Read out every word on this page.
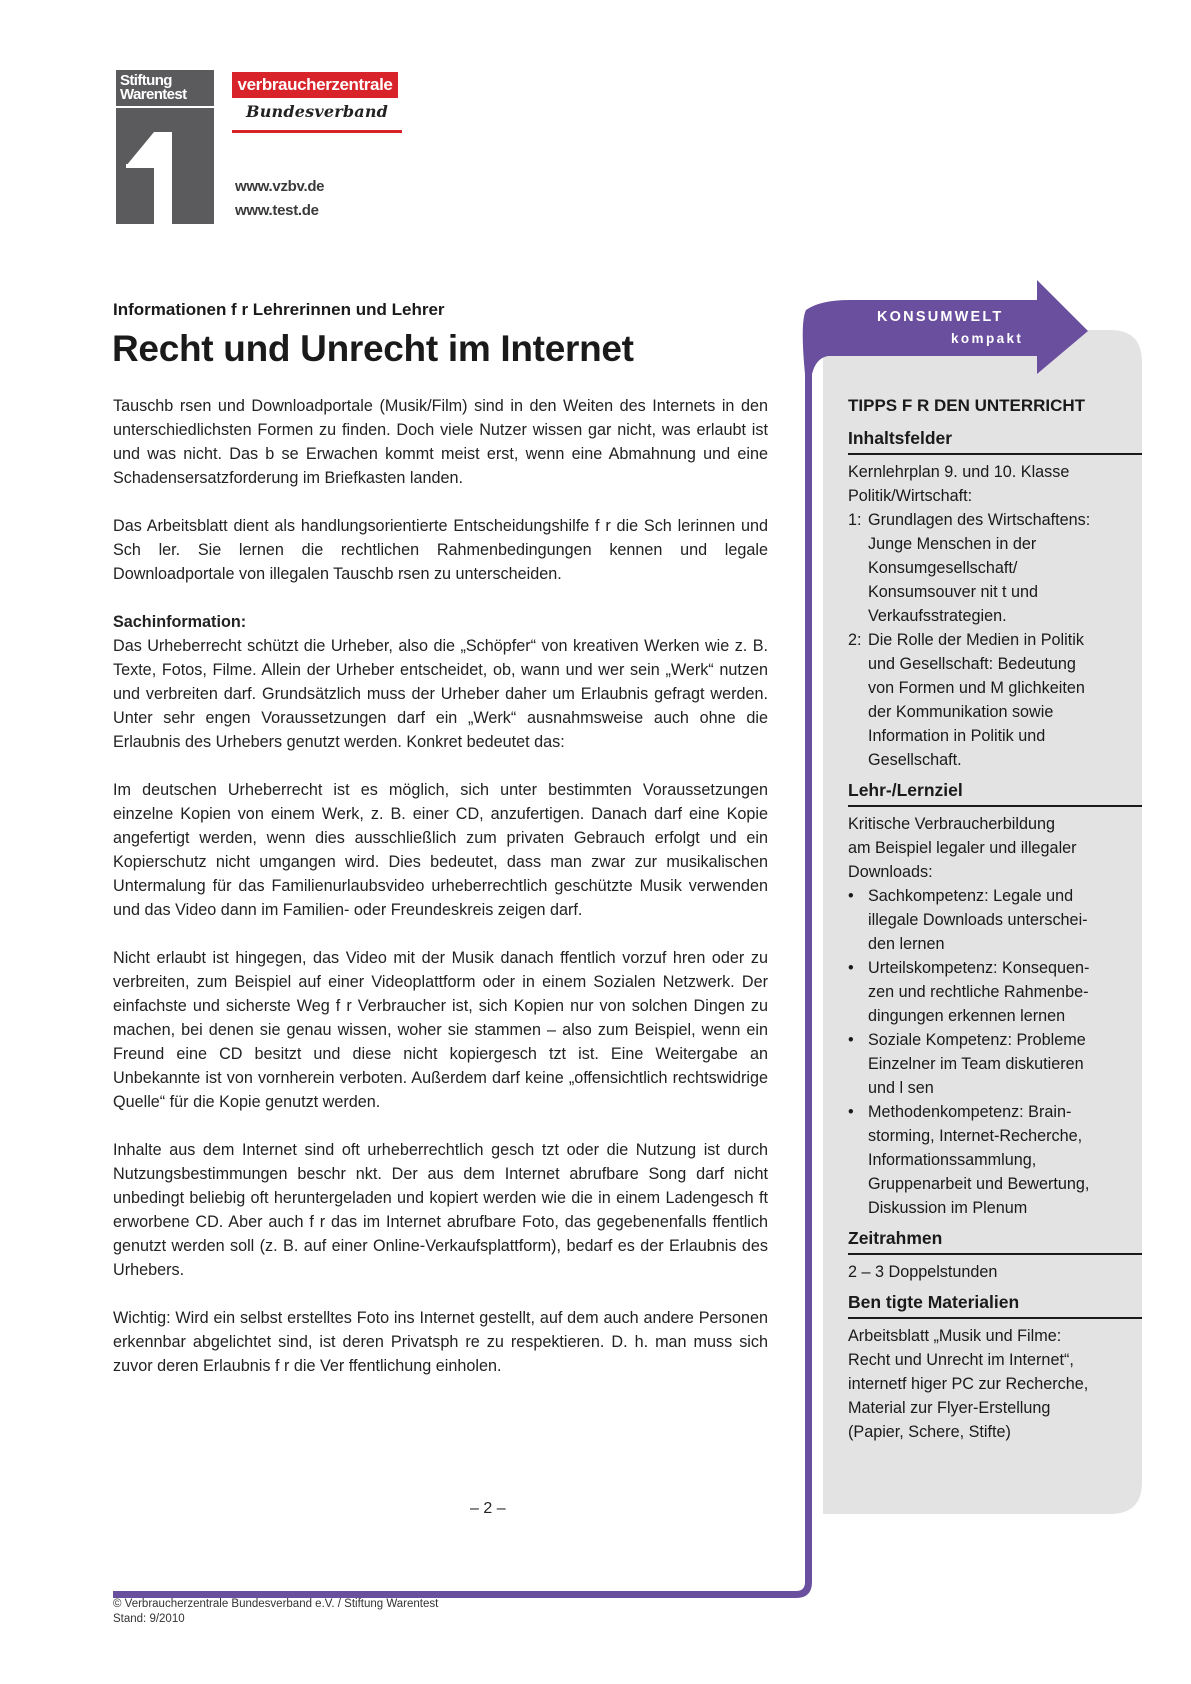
Stiftung
Warentest
verbraucherzentrale
Bundesverband
www.vzbv.de
www.test.de
Informationen f r Lehrerinnen und Lehrer
Recht und Unrecht im Internet

Tauschb rsen und Downloadportale (Musik/Film) sind in den Weiten des Internets in den unterschiedlichsten Formen zu finden. Doch viele Nutzer wissen gar nicht, was erlaubt ist und was nicht. Das b se Erwachen kommt meist erst, wenn eine Abmahnung und eine Schadensersatzforderung im Briefkasten landen.

Das Arbeitsblatt dient als handlungsorientierte Entscheidungshilfe f r die Sch lerinnen und Sch ler. Sie lernen die rechtlichen Rahmenbedingungen kennen und legale Downloadportale von illegalen Tauschb rsen zu unterscheiden.

Sachinformation:

Das Urheberrecht schützt die Urheber, also die „Schöpfer“ von kreativen Werken wie z. B. Texte, Fotos, Filme. Allein der Urheber entscheidet, ob, wann und wer sein „Werk“ nutzen und verbreiten darf. Grundsätzlich muss der Urheber daher um Erlaubnis gefragt werden. Unter sehr engen Voraussetzungen darf ein „Werk“ ausnahmsweise auch ohne die Erlaubnis des Urhebers genutzt werden. Konkret bedeutet das:

Im deutschen Urheberrecht ist es möglich, sich unter bestimmten Voraussetzungen einzelne Kopien von einem Werk, z. B. einer CD, anzufertigen. Danach darf eine Kopie angefertigt werden, wenn dies ausschließlich zum privaten Gebrauch erfolgt und ein Kopierschutz nicht umgangen wird. Dies bedeutet, dass man zwar zur musikalischen Untermalung für das Familienurlaubsvideo urheberrechtlich geschützte Musik verwenden und das Video dann im Familien- oder Freundeskreis zeigen darf.

Nicht erlaubt ist hingegen, das Video mit der Musik danach ffentlich vorzuf hren oder zu verbreiten, zum Beispiel auf einer Videoplattform oder in einem Sozialen Netzwerk. Der einfachste und sicherste Weg f r Verbraucher ist, sich Kopien nur von solchen Dingen zu machen, bei denen sie genau wissen, woher sie stammen – also zum Beispiel, wenn ein Freund eine CD besitzt und diese nicht kopiergesch tzt ist. Eine Weitergabe an Unbekannte ist von vornherein verboten. Außerdem darf keine „offensichtlich rechtswidrige Quelle“ für die Kopie genutzt werden.

Inhalte aus dem Internet sind oft urheberrechtlich gesch tzt oder die Nutzung ist durch Nutzungsbestimmungen beschr nkt. Der aus dem Internet abrufbare Song darf nicht unbedingt beliebig oft heruntergeladen und kopiert werden wie die in einem Ladengesch ft erworbene CD. Aber auch f r das im Internet abrufbare Foto, das gegebenenfalls ffentlich genutzt werden soll (z. B. auf einer Online-Verkaufsplattform), bedarf es der Erlaubnis des Urhebers.

Wichtig: Wird ein selbst erstelltes Foto ins Internet gestellt, auf dem auch andere Personen erkennbar abgelichtet sind, ist deren Privatsph re zu respektieren. D. h. man muss sich zuvor deren Erlaubnis f r die Ver ffentlichung einholen.

– 2 –
KONSUMWELT
kompakt
TIPPS F R DEN UNTERRICHT
Inhaltsfelder
Kernlehrplan 9. und 10. Klasse
Politik/Wirtschaft:
1: Grundlagen des Wirtschaftens:
Junge Menschen in der
Konsumgesellschaft/
Konsumsouver nit t und
Verkaufsstrategien.
2: Die Rolle der Medien in Politik
und Gesellschaft: Bedeutung
von Formen und M glichkeiten
der Kommunikation sowie
Information in Politik und
Gesellschaft.
Lehr-/Lernziel
Kritische Verbraucherbildung
am Beispiel legaler und illegaler
Downloads:
• Sachkompetenz: Legale und
illegale Downloads unterschei-
den lernen
• Urteilskompetenz: Konsequen-
zen und rechtliche Rahmenbe-
dingungen erkennen lernen
• Soziale Kompetenz: Probleme
Einzelner im Team diskutieren
und l sen
• Methodenkompetenz: Brain-
storming, Internet-Recherche,
Informationssammlung,
Gruppenarbeit und Bewertung,
Diskussion im Plenum
Zeitrahmen
2 – 3 Doppelstunden
Ben tigte Materialien
Arbeitsblatt „Musik und Filme:
Recht und Unrecht im Internet“,
internetf higer PC zur Recherche,
Material zur Flyer-Erstellung
(Papier, Schere, Stifte)
© Verbraucherzentrale Bundesverband e.V. / Stiftung Warentest
Stand: 9/2010
